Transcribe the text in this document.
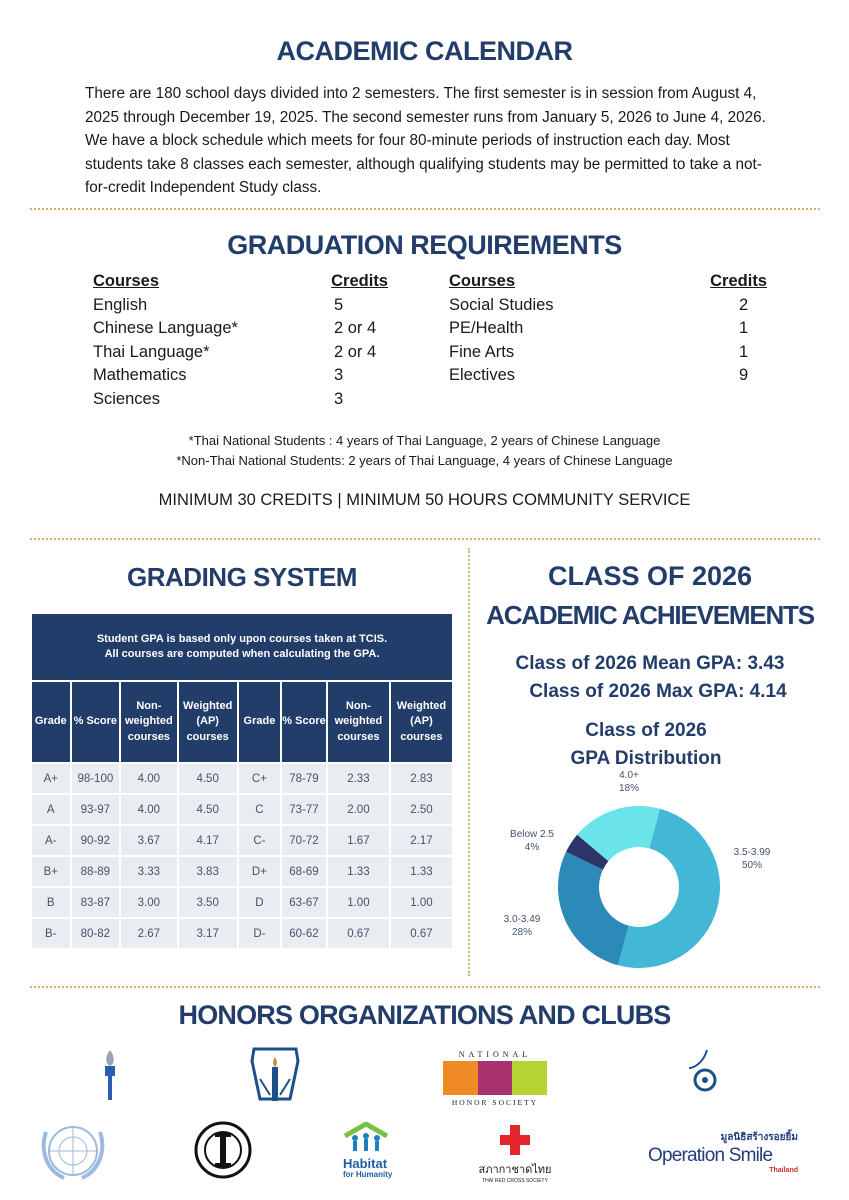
ACADEMIC CALENDAR

There are 180 school days divided into 2 semesters. The first semester is in session from August 4, 2025 through December 19, 2025. The second semester runs from January 5, 2026 to June 4, 2026. We have a block schedule which meets for four 80-minute periods of instruction each day. Most students take 8 classes each semester, although qualifying students may be permitted to take a not-for-credit Independent Study class.

GRADUATION REQUIREMENTS
Courses	Credits
English	5
Chinese Language*	2 or 4
Thai Language*	2 or 4
Mathematics	3
Sciences	3
Courses	Credits
Social Studies	2
PE/Health	1
Fine Arts	1
Electives	9
*Thai National Students : 4 years of Thai Language, 2 years of Chinese Language
*Non-Thai National Students: 2 years of Thai Language, 4 years of Chinese Language
MINIMUM 30 CREDITS | MINIMUM 50 HOURS COMMUNITY SERVICE
GRADING SYSTEM
Student GPA is based only upon courses taken at TCIS.
All courses are computed when calculating the GPA.							
Grade	% Score	Non-weighted courses	Weighted (AP) courses	Grade	% Score	Non-weighted courses	Weighted (AP) courses
A+	98-100	4.00	4.50	C+	78-79	2.33	2.83
A	93-97	4.00	4.50	C	73-77	2.00	2.50
A-	90-92	3.67	4.17	C-	70-72	1.67	2.17
B+	88-89	3.33	3.83	D+	68-69	1.33	1.33
B	83-87	3.00	3.50	D	63-67	1.00	1.00
B-	80-82	2.67	3.17	D-	60-62	0.67	0.67
CLASS OF 2026
ACADEMIC ACHIEVEMENTS
Class of 2026 Mean GPA: 3.43
Class of 2026 Max GPA: 4.14
Class of 2026
GPA Distribution
3.5-3.99
50%
3.0-3.49
28%
Below 2.5
4%
4.0+
18%
HONORS ORGANIZATIONS AND CLUBS
NATIONAL
HONOR SOCIETY
Habitat
for Humanity	สภากาชาดไทย
THAI RED CROSS SOCIETY
มูลนิธิสร้างรอยยิ้ม
Operation Smile
Thailand
